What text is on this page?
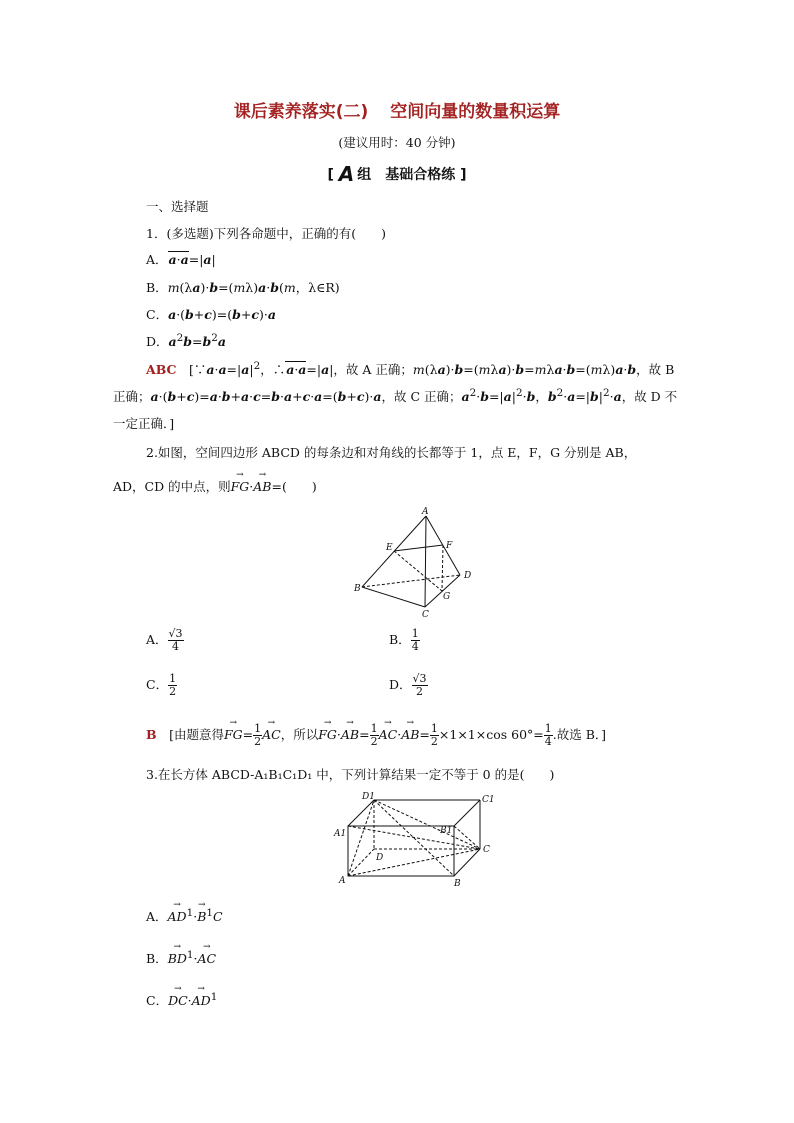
课后素养落实(二) 空间向量的数量积运算
(建议用时：40 分钟)
[ A 组　基础合格练 ]
一、选择题
1．(多选题)下列各命题中，正确的有(　　)
A．a·a=|a|
B．m(λa)·b=(mλ)a·b(m，λ∈R)
C．a·(b+c)=(b+c)·a
D．$a^2b=b^2a$
ABC　[$\because a\cdot a=|a|^2$，∴a·a=|a|，故 A 正确；m(λa)·b=(mλa)·b=mλa·b=(mλ)a·b，故 B
正确；a·(b+c)=a·b+a·c=b·a+c·a=(b+c)·a，故 C 正确；$a^2\cdot b=|a|^2\cdot b$，$b^2\cdot a=|b|^2\cdot a$，故 D 不
一定正确．]
2.如图，空间四边形 ABCD 的每条边和对角线的长都等于 1，点 E，F，G 分别是 AB，
AD，CD 的中点，则→ FG·→ AB=(　　)
A
E	F
B
D
G
C
A． $\frac{√3}{4}$	B． $\frac{1}{4}$
C． $\frac{1}{2}$	D． $\frac{√3}{2}$
B　 [由题意得→ $FG= \frac{1}{2}$
→ AC，所以→ $FG\cdot\to AB= \frac{1}{2}$
→ $AC\cdot\to AB= \frac{1}{2} \times 1\times 1\times\cos$ $60^\circ= \frac{1}{4}$ .故选 B．]
3.在长方体 ABCD-A₁B₁C₁D₁ 中，下列计算结果一定不等于 0 的是(　　)
D1	C1
A1	B1
D
C
A	B
A．→ $AD^1\cdot\to B^1C$
B．→ $BD^1\cdot\to$ AC
C．→ $DC\cdot\to AD^1$
